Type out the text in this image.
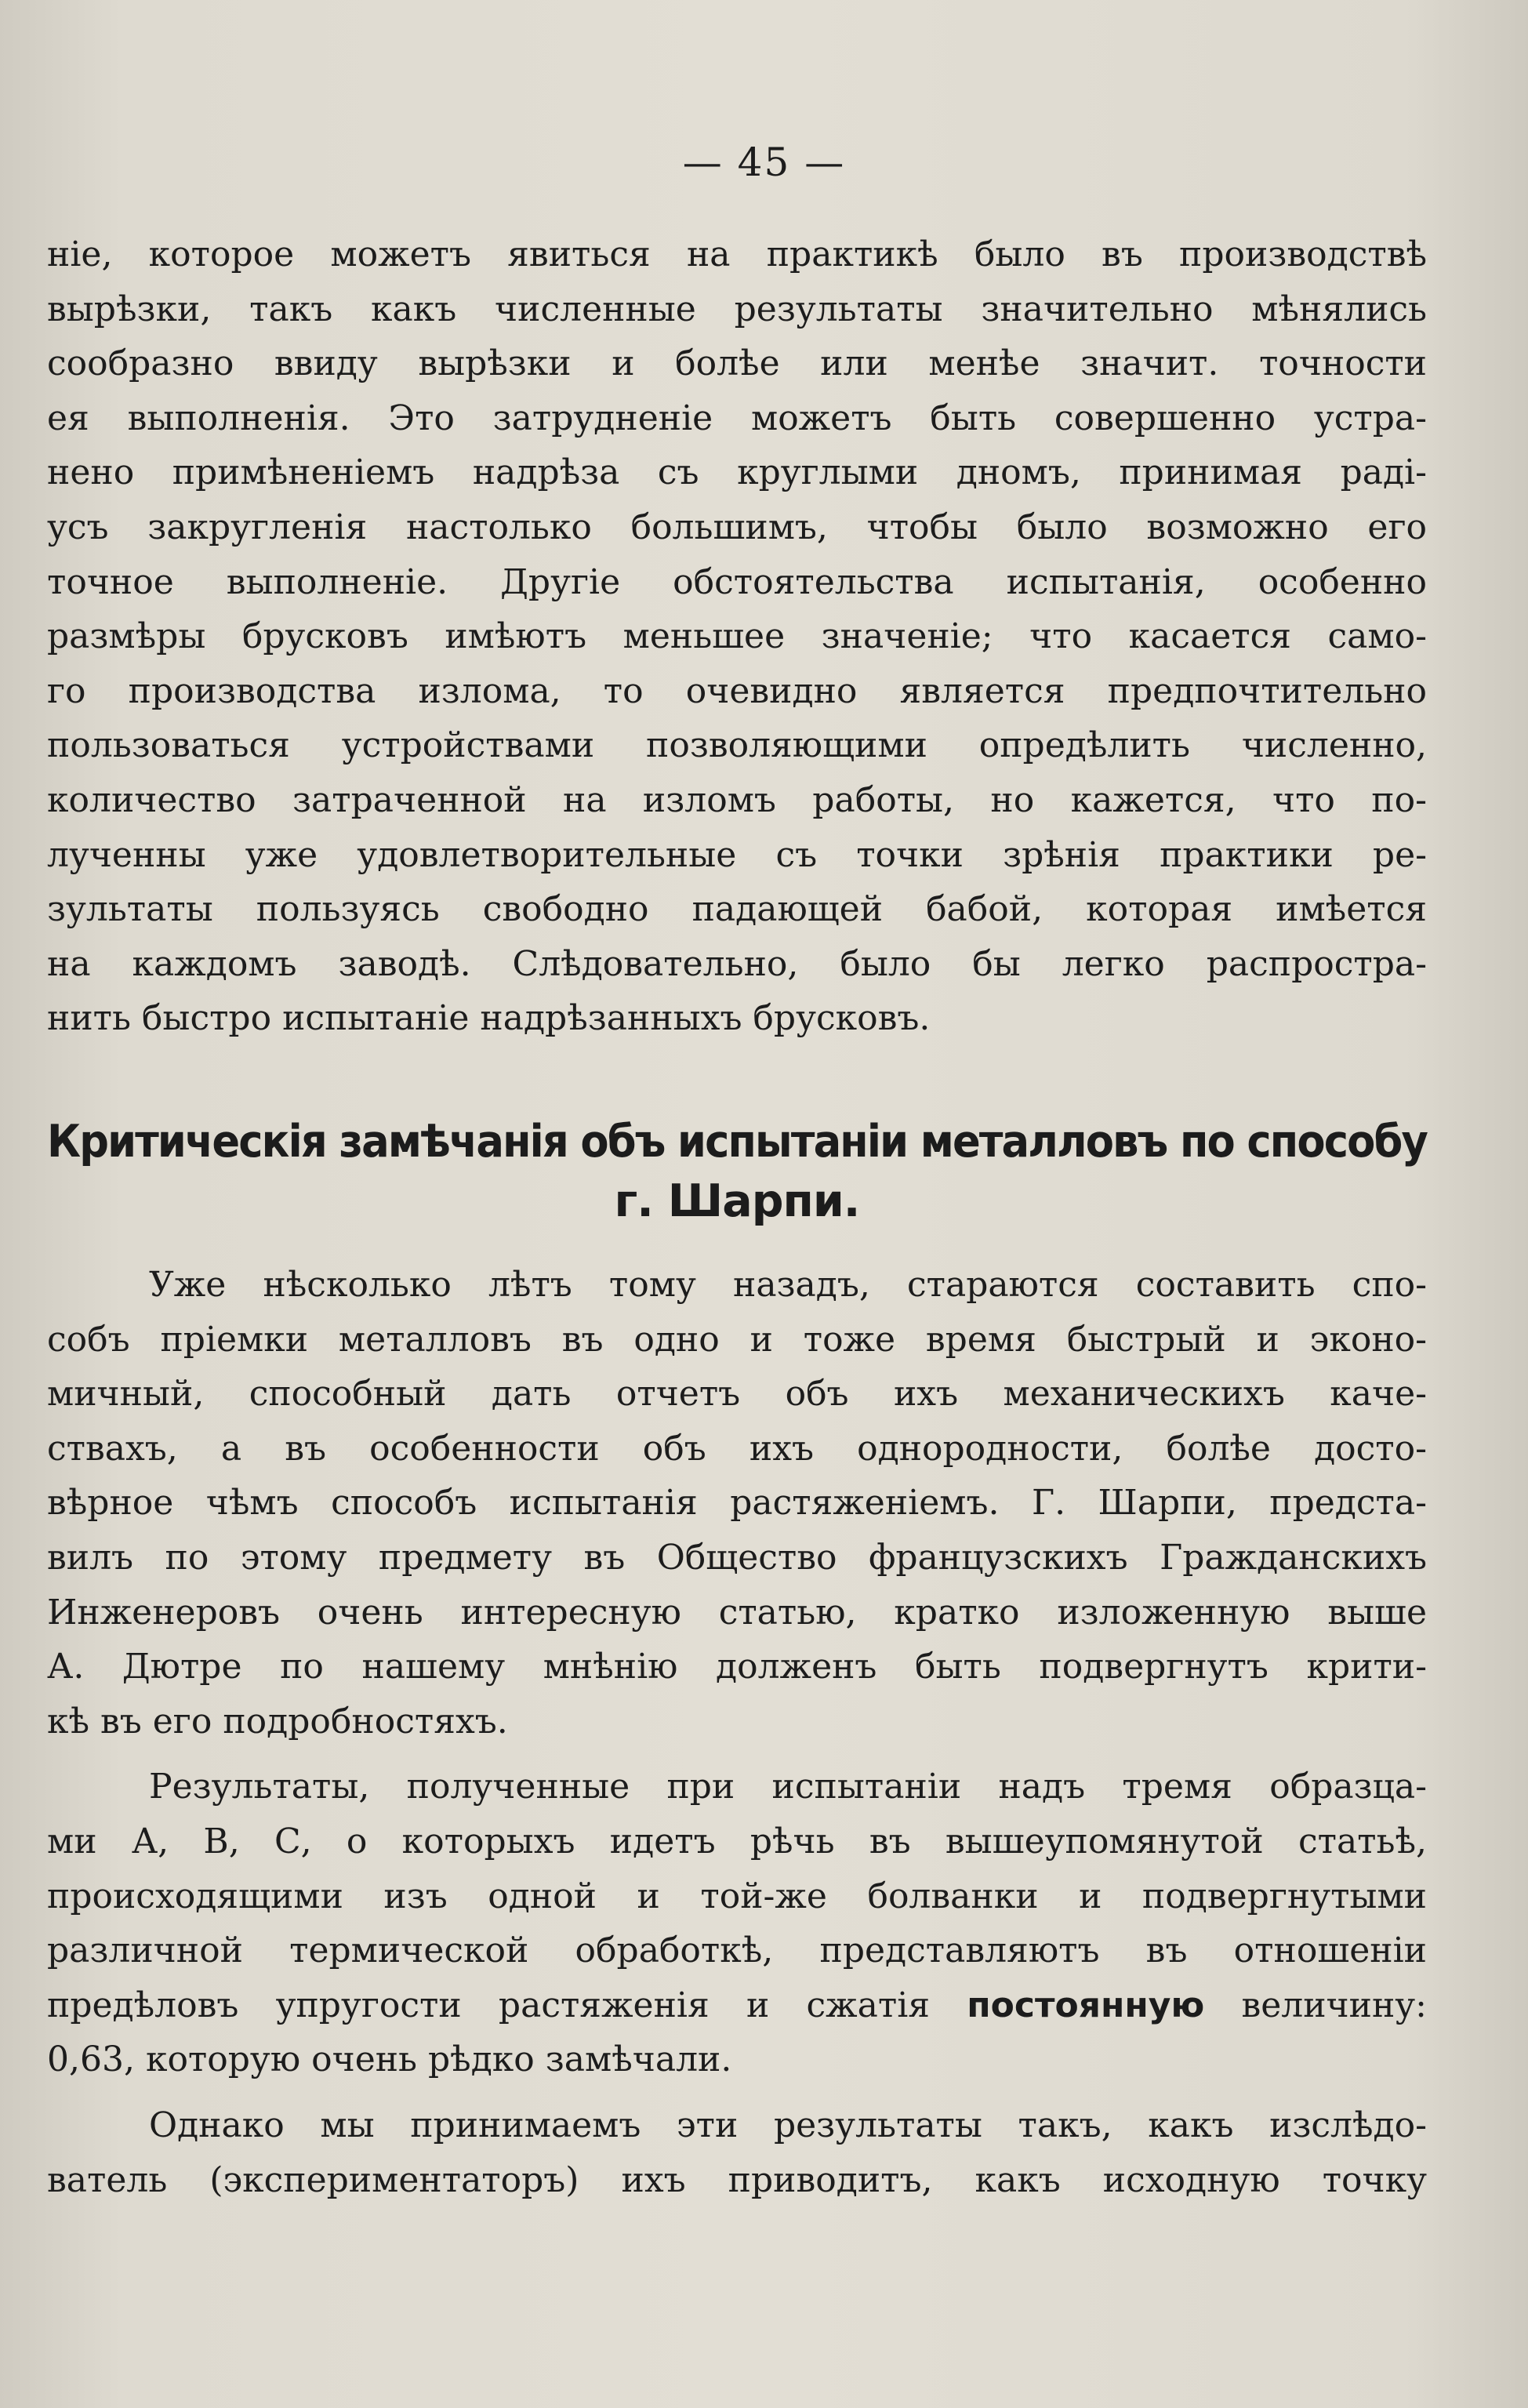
— 45 —
ніе, которое можетъ явиться на практикѣ было въ производствѣ
вырѣзки, такъ какъ численные результаты значительно мѣнялись
сообразно ввиду вырѣзки и болѣе или менѣе значит. точности
ея выполненія. Это затрудненіе можетъ быть совершенно устра-
нено примѣненіемъ надрѣза съ круглыми дномъ, принимая раді-
усъ закругленія настолько большимъ, чтобы было возможно его
точное выполненіе. Другіе обстоятельства испытанія, особенно
размѣры брусковъ имѣютъ меньшее значеніе; что касается само-
го производства излома, то очевидно является предпочтительно
пользоваться устройствами позволяющими опредѣлить численно,
количество затраченной на изломъ работы, но кажется, что по-
лученны уже удовлетворительные съ точки зрѣнія практики ре-
зультаты пользуясь свободно падающей бабой, которая имѣется
на каждомъ заводѣ. Слѣдовательно, было бы легко распростра-
нить быстро испытаніе надрѣзанныхъ брусковъ.
Критическія замѣчанія объ испытаніи металловъ по способу
г. Шарпи.
Уже нѣсколько лѣтъ тому назадъ, стараются составить спо-
собъ пріемки металловъ въ одно и тоже время быстрый и эконо-
мичный, способный дать отчетъ объ ихъ механическихъ каче-
ствахъ, а въ особенности объ ихъ однородности, болѣе досто-
вѣрное чѣмъ способъ испытанія растяженіемъ. Г. Шарпи, предста-
вилъ по этому предмету въ Общество французскихъ Гражданскихъ
Инженеровъ очень интересную статью, кратко изложенную выше
А. Дютре по нашему мнѣнію долженъ быть подвергнутъ крити-
кѣ въ его подробностяхъ.
Результаты, полученные при испытаніи надъ тремя образца-
ми А, В, С, о которыхъ идетъ рѣчь въ вышеупомянутой статьѣ,
происходящими изъ одной и той-же болванки и подвергнутыми
различной термической обработкѣ, представляютъ въ отношеніи
предѣловъ упругости растяженія и сжатія постоянную величину:
0,63, которую очень рѣдко замѣчали.
Однако мы принимаемъ эти результаты такъ, какъ изслѣдо-
ватель (экспериментаторъ) ихъ приводитъ, какъ исходную точку
